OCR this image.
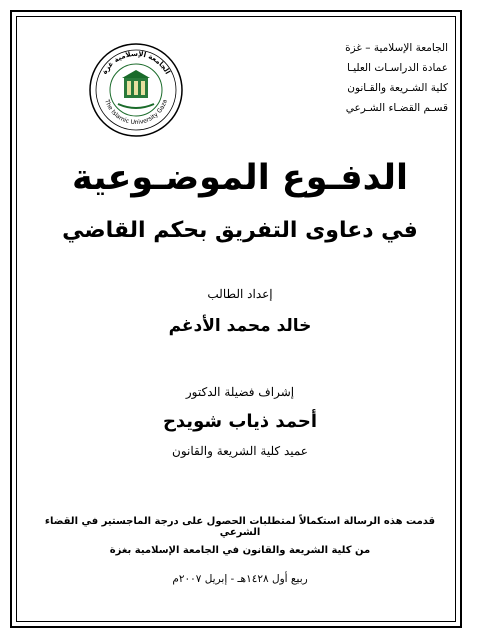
الجامعة الإسلامية – غزة
عمادة الدراسـات العليـا
كلية الشـريعة والقـانون
قسـم القضـاء الشـرعي
الجامعة الإسلامية غزة
The Islamic University Gaza
الدفـوع الموضـوعية
في دعاوى التفريق بحكم القاضي
إعداد الطالب
خالد محمد الأدغم
إشراف فضيلة الدكتور
أحمد ذياب شويدح
عميد كلية الشريعة والقانون
قدمت هذه الرسالة استكمالاً لمتطلبات الحصول على درجة الماجستير في القضاء الشرعي
من كلية الشريعة والقانون في الجامعة الإسلامية بغزة
ربيع أول ١٤٢٨هـ - إبريل ٢٠٠٧م
